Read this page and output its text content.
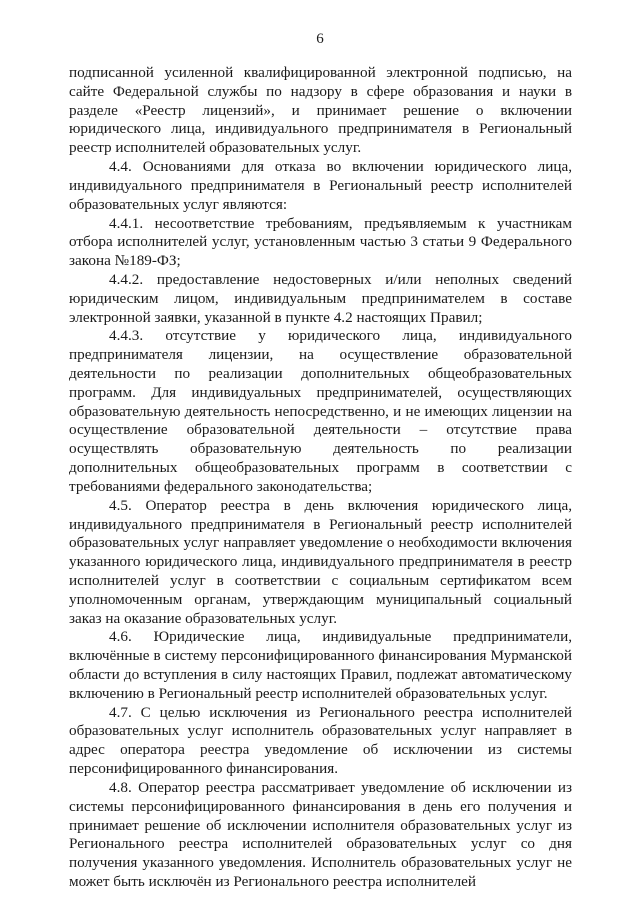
6

подписанной усиленной квалифицированной электронной подписью, на сайте Федеральной службы по надзору в сфере образования и науки в разделе «Реестр лицензий», и принимает решение о включении юридического лица, индивидуального предпринимателя в Региональный реестр исполнителей образовательных услуг.

4.4. Основаниями для отказа во включении юридического лица, индивидуального предпринимателя в Региональный реестр исполнителей образовательных услуг являются:

4.4.1. несоответствие требованиям, предъявляемым к участникам отбора исполнителей услуг, установленным частью 3 статьи 9 Федерального закона №189-ФЗ;

4.4.2. предоставление недостоверных и/или неполных сведений юридическим лицом, индивидуальным предпринимателем в составе электронной заявки, указанной в пункте 4.2 настоящих Правил;

4.4.3. отсутствие у юридического лица, индивидуального предпринимателя лицензии, на осуществление образовательной деятельности по реализации дополнительных общеобразовательных программ. Для индивидуальных предпринимателей, осуществляющих образовательную деятельность непосредственно, и не имеющих лицензии на осуществление образовательной деятельности – отсутствие права осуществлять образовательную деятельность по реализации дополнительных общеобразовательных программ в соответствии с требованиями федерального законодательства;

4.5. Оператор реестра в день включения юридического лица, индивидуального предпринимателя в Региональный реестр исполнителей образовательных услуг направляет уведомление о необходимости включения указанного юридического лица, индивидуального предпринимателя в реестр исполнителей услуг в соответствии с социальным сертификатом всем уполномоченным органам, утверждающим муниципальный социальный заказ на оказание образовательных услуг.

4.6. Юридические лица, индивидуальные предприниматели, включённые в систему персонифицированного финансирования Мурманской области до вступления в силу настоящих Правил, подлежат автоматическому включению в Региональный реестр исполнителей образовательных услуг.

4.7. С целью исключения из Регионального реестра исполнителей образовательных услуг исполнитель образовательных услуг направляет в адрес оператора реестра уведомление об исключении из системы персонифицированного финансирования.

4.8. Оператор реестра рассматривает уведомление об исключении из системы персонифицированного финансирования в день его получения и принимает решение об исключении исполнителя образовательных услуг из Регионального реестра исполнителей образовательных услуг со дня получения указанного уведомления. Исполнитель образовательных услуг не может быть исключён из Регионального реестра исполнителей
